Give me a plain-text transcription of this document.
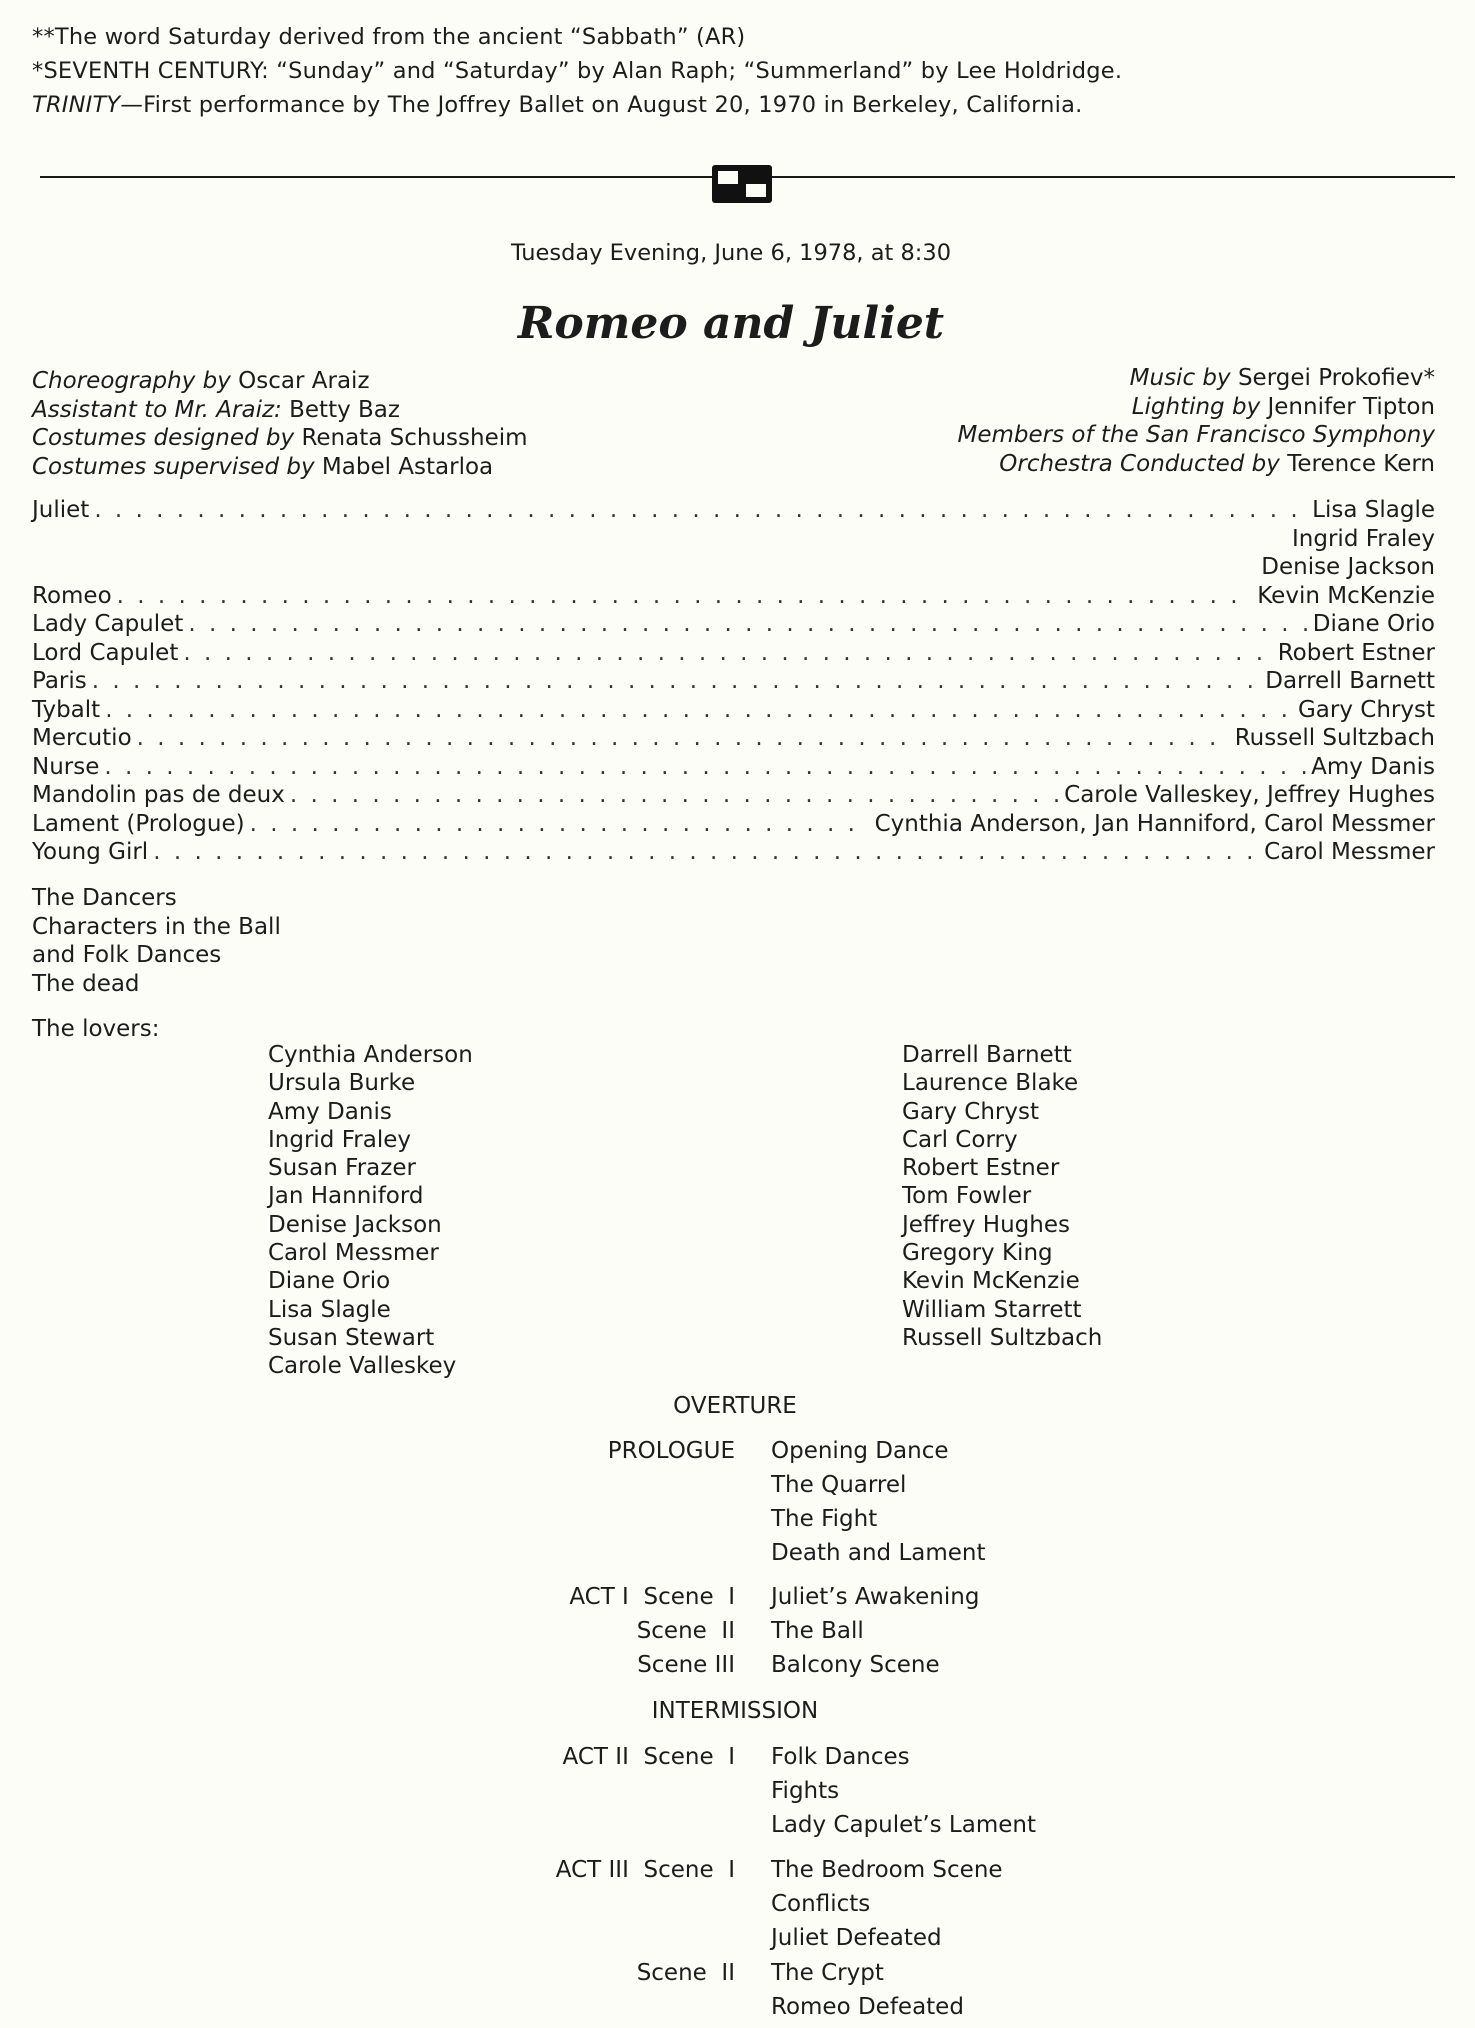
**The word Saturday derived from the ancient “Sabbath” (AR)
*SEVENTH CENTURY: “Sunday” and “Saturday” by Alan Raph; “Summerland” by Lee Holdridge.
TRINITY—First performance by The Joffrey Ballet on August 20, 1970 in Berkeley, California.
Tuesday Evening, June 6, 1978, at 8:30
Romeo and Juliet
Choreography by Oscar Araiz
Assistant to Mr. Araiz: Betty Baz
Costumes designed by Renata Schussheim
Costumes supervised by Mabel Astarloa
Music by Sergei Prokofiev*
Lighting by Jennifer Tipton
Members of the San Francisco Symphony
Orchestra Conducted by Terence Kern
Juliet . . .	Lisa Slagle
Ingrid Fraley
Denise Jackson
Romeo . . .	Kevin McKenzie
Lady Capulet . . .	Diane Orio
Lord Capulet . . .	Robert Estner
Paris . . .	Darrell Barnett
Tybalt . . .	Gary Chryst
Mercutio . . .	Russell Sultzbach
Nurse . . .	Amy Danis
Mandolin pas de deux . . .	Carole Valleskey, Jeffrey Hughes
Lament (Prologue) . . .	Cynthia Anderson, Jan Hanniford, Carol Messmer
Young Girl . . .	Carol Messmer
The Dancers
Characters in the Ball
and Folk Dances
The dead
The lovers:
Cynthia Anderson
Ursula Burke
Amy Danis
Ingrid Fraley
Susan Frazer
Jan Hanniford
Denise Jackson
Carol Messmer
Diane Orio
Lisa Slagle
Susan Stewart
Carole Valleskey
Darrell Barnett
Laurence Blake
Gary Chryst
Carl Corry
Robert Estner
Tom Fowler
Jeffrey Hughes
Gregory King
Kevin McKenzie
William Starrett
Russell Sultzbach
OVERTURE
PROLOGUE Opening Dance
The Quarrel
The Fight
Death and Lament
ACT I  Scene  I Juliet’s Awakening
Scene  II The Ball
Scene III Balcony Scene
INTERMISSION
ACT II  Scene  I Folk Dances
Fights
Lady Capulet’s Lament
ACT III  Scene  I The Bedroom Scene
Conflicts
Juliet Defeated
Scene  II The Crypt
Romeo Defeated
